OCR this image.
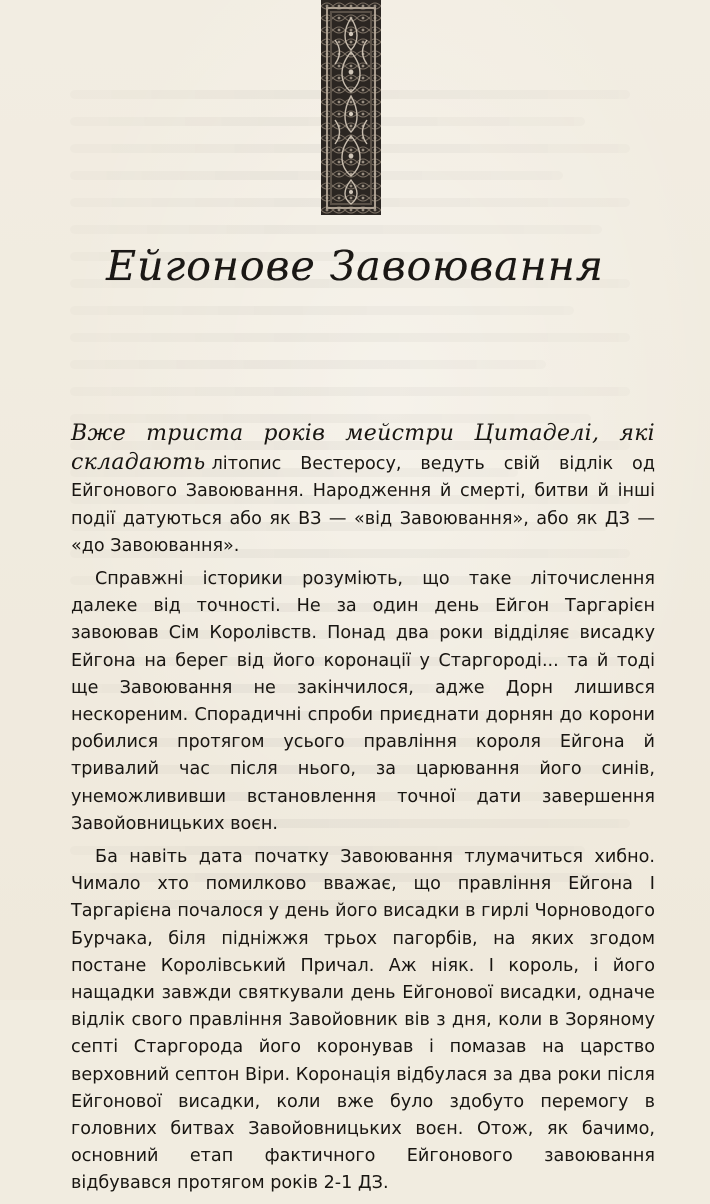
Ейгонове Завоювання

Вже триста років мейстри Цитаделі, які складають літопис Вестеросу, ведуть свій відлік од Ейгонового Завоювання. Народження й смерті, битви й інші події датуються або як ВЗ — «від Завоювання», або як ДЗ — «до Завоювання».

Справжні історики розуміють, що таке літочислення далеке від точності. Не за один день Ейгон Таргарієн завоював Сім Королівств. Понад два роки відділяє висадку Ейгона на берег від його коронації у Старгороді... та й тоді ще Завоювання не закінчилося, адже Дорн лишився нескореним. Спорадичні спроби приєднати дорнян до корони робилися протягом усього правління короля Ейгона й тривалий час після нього, за царювання його синів, унеможлививши встановлення точної дати завершення Завойовницьких воєн.

Ба навіть дата початку Завоювання тлумачиться хибно. Чимало хто помилково вважає, що правління Ейгона І Таргарієна почалося у день його висадки в гирлі Чорноводого Бурчака, біля підніжжя трьох пагорбів, на яких згодом постане Королівський Причал. Аж ніяк. І король, і його нащадки завжди святкували день Ейгонової висадки, одначе відлік свого правління Завойовник вів з дня, коли в Зоряному септі Старгорода його коронував і помазав на царство верховний септон Віри. Коронація відбулася за два роки після Ейгонової висадки, коли вже було здобуто перемогу в головних битвах Завойовницьких воєн. Отож, як бачимо, основний етап фактичного Ейгонового завоювання відбувався протягом років 2-1 ДЗ.
